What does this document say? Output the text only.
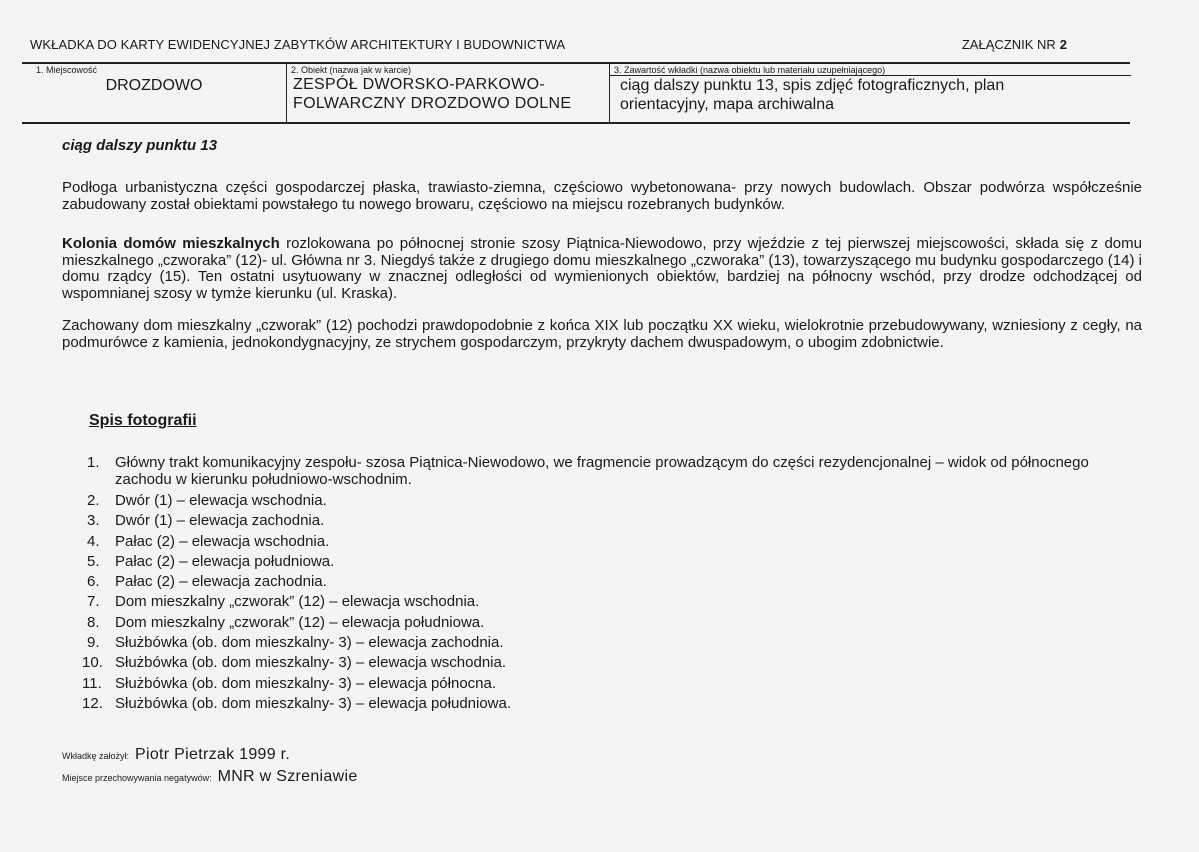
WKŁADKA DO KARTY EWIDENCYJNEJ ZABYTKÓW ARCHITEKTURY I BUDOWNICTWA	ZAŁĄCZNIK NR 2
1. Miejscowość
DROZDOWO
2. Obiekt (nazwa jak w karcie)
ZESPÓŁ DWORSKO-PARKOWO-
FOLWARCZNY DROZDOWO DOLNE
3. Zawartość wkładki (nazwa obiektu lub materiału uzupełniającego)
ciąg dalszy punktu 13, spis zdjęć fotograficznych, plan
orientacyjny, mapa archiwalna
ciąg dalszy punktu 13
Podłoga urbanistyczna części gospodarczej płaska, trawiasto-ziemna, częściowo wybetonowana- przy nowych budowlach. Obszar podwórza współcześnie zabudowany został obiektami powstałego tu nowego browaru, częściowo na miejscu rozebranych budynków.
Kolonia domów mieszkalnych rozlokowana po północnej stronie szosy Piątnica-Niewodowo, przy wjeździe z tej pierwszej miejscowości, składa się z domu mieszkalnego „czworaka” (12)- ul. Główna nr 3. Niegdyś także z drugiego domu mieszkalnego „czworaka” (13), towarzyszącego mu budynku gospodarczego (14) i domu rządcy (15). Ten ostatni usytuowany w znacznej odległości od wymienionych obiektów, bardziej na północny wschód, przy drodze odchodzącej od wspomnianej szosy w tymże kierunku (ul. Kraska).
Zachowany dom mieszkalny „czworak” (12) pochodzi prawdopodobnie z końca XIX lub początku XX wieku, wielokrotnie przebudowywany, wzniesiony z cegły, na podmurówce z kamienia, jednokondygnacyjny, ze strychem gospodarczym, przykryty dachem dwuspadowym, o ubogim zdobnictwie.
Spis fotografii
1. Główny trakt komunikacyjny zespołu- szosa Piątnica-Niewodowo, we fragmencie prowadzącym do części rezydencjonalnej – widok od północnego zachodu w kierunku południowo-wschodnim.
2. Dwór (1) – elewacja wschodnia.
3. Dwór (1) – elewacja zachodnia.
4. Pałac (2) – elewacja wschodnia.
5. Pałac (2) – elewacja południowa.
6. Pałac (2) – elewacja zachodnia.
7. Dom mieszkalny „czworak” (12) – elewacja wschodnia.
8. Dom mieszkalny „czworak” (12) – elewacja południowa.
9. Służbówka (ob. dom mieszkalny- 3) – elewacja zachodnia.
10. Służbówka (ob. dom mieszkalny- 3) – elewacja wschodnia.
11. Służbówka (ob. dom mieszkalny- 3) – elewacja północna.
12. Służbówka (ob. dom mieszkalny- 3) – elewacja południowa.
Wkładkę założył: Piotr Pietrzak 1999 r.
Miejsce przechowywania negatywów: MNR w Szreniawie
